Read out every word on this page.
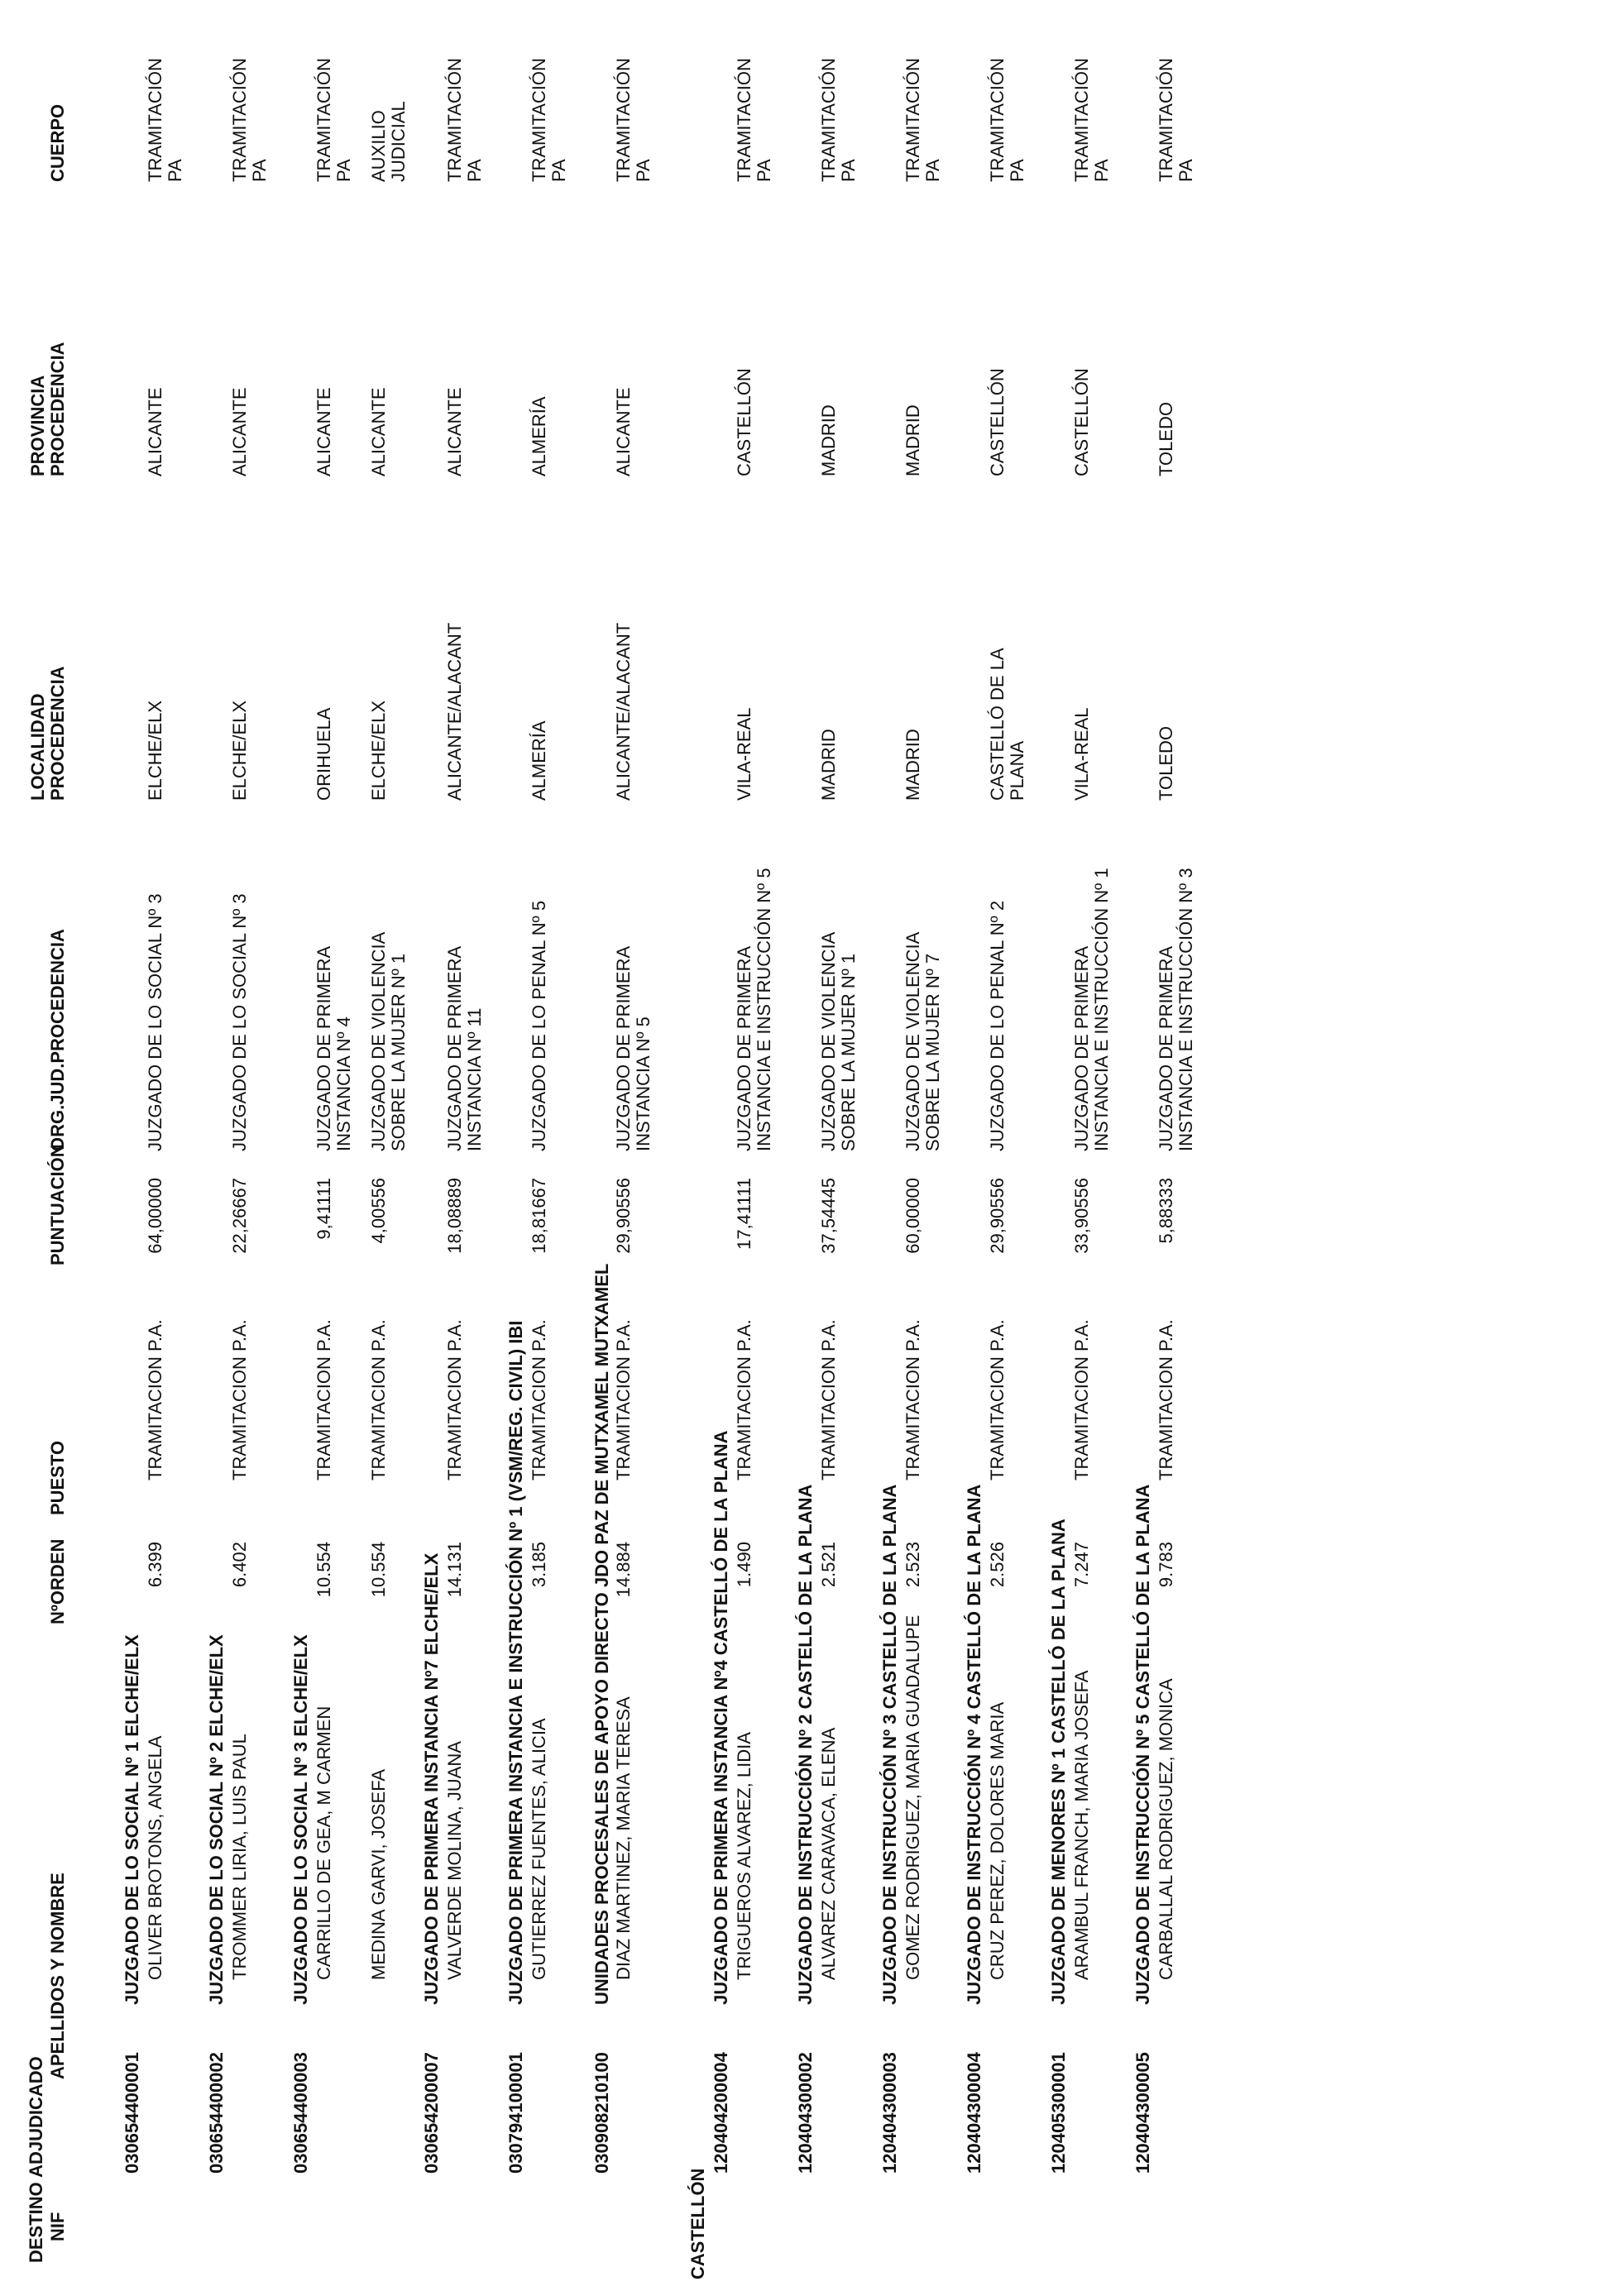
DESTINO ADJUDICADO NIF
APELLIDOS Y NOMBRE
NºORDEN
PUESTO
PUNTUACIÓN
ORG.JUD.PROCEDENCIA
LOCALIDAD PROCEDENCIA
PROVINCIA PROCEDENCIA
CUERPO
CASTELLÓN
030654400001
JUZGADO DE LO SOCIAL Nº 1 ELCHE/ELX
030654400002
JUZGADO DE LO SOCIAL Nº 2 ELCHE/ELX
030654400003
JUZGADO DE LO SOCIAL Nº 3 ELCHE/ELX
030654200007
JUZGADO DE PRIMERA INSTANCIA Nº7 ELCHE/ELX
030794100001
JUZGADO DE PRIMERA INSTANCIA E INSTRUCCIÓN Nº 1 (VSM/REG. CIVIL) IBI
030908210100
UNIDADES PROCESALES DE APOYO DIRECTO JDO PAZ DE MUTXAMEL MUTXAMEL
120404200004
JUZGADO DE PRIMERA INSTANCIA Nº4 CASTELLÓ DE LA PLANA
120404300002
JUZGADO DE INSTRUCCIÓN Nº 2 CASTELLÓ DE LA PLANA
120404300003
JUZGADO DE INSTRUCCIÓN Nº 3 CASTELLÓ DE LA PLANA
120404300004
JUZGADO DE INSTRUCCIÓN Nº 4 CASTELLÓ DE LA PLANA
120405300001
JUZGADO DE MENORES Nº 1 CASTELLÓ DE LA PLANA
120404300005
JUZGADO DE INSTRUCCIÓN Nº 5 CASTELLÓ DE LA PLANA
OLIVER BROTONS, ANGELA
6.399
TRAMITACION P.A.
64,00000
JUZGADO DE LO SOCIAL Nº 3
ELCHE/ELX
ALICANTE
TRAMITACIÓN PA
TROMMER LIRIA, LUIS PAUL
6.402
TRAMITACION P.A.
22,26667
JUZGADO DE LO SOCIAL Nº 3
ELCHE/ELX
ALICANTE
TRAMITACIÓN PA
CARRILLO DE GEA, M CARMEN
10.554
TRAMITACION P.A.
9,41111
JUZGADO DE PRIMERA INSTANCIA Nº 4
ORIHUELA
ALICANTE
TRAMITACIÓN PA
MEDINA GARVI, JOSEFA
10.554
TRAMITACION P.A.
4,00556
JUZGADO DE VIOLENCIA SOBRE LA MUJER Nº 1
ELCHE/ELX
ALICANTE
AUXILIO JUDICIAL
VALVERDE MOLINA, JUANA
14.131
TRAMITACION P.A.
18,08889
JUZGADO DE PRIMERA INSTANCIA Nº 11
ALICANTE/ALACANT
ALICANTE
TRAMITACIÓN PA
GUTIERREZ FUENTES, ALICIA
3.185
TRAMITACION P.A.
18,81667
JUZGADO DE LO PENAL Nº 5
ALMERÍA
ALMERÍA
TRAMITACIÓN PA
DIAZ MARTINEZ, MARIA TERESA
14.884
TRAMITACION P.A.
29,90556
JUZGADO DE PRIMERA INSTANCIA Nº 5
ALICANTE/ALACANT
ALICANTE
TRAMITACIÓN PA
TRIGUEROS ALVAREZ, LIDIA
1.490
TRAMITACION P.A.
17,41111
JUZGADO DE PRIMERA INSTANCIA E INSTRUCCIÓN Nº 5
VILA-REAL
CASTELLÓN
TRAMITACIÓN PA
ALVAREZ CARAVACA, ELENA
2.521
TRAMITACION P.A.
37,54445
JUZGADO DE VIOLENCIA SOBRE LA MUJER Nº 1
MADRID
MADRID
TRAMITACIÓN PA
GOMEZ RODRIGUEZ, MARIA GUADALUPE
2.523
TRAMITACION P.A.
60,00000
JUZGADO DE VIOLENCIA SOBRE LA MUJER Nº 7
MADRID
MADRID
TRAMITACIÓN PA
CRUZ PEREZ, DOLORES MARIA
2.526
TRAMITACION P.A.
29,90556
JUZGADO DE LO PENAL Nº 2
CASTELLÓ DE LA PLANA
CASTELLÓN
TRAMITACIÓN PA
ARAMBUL FRANCH, MARIA JOSEFA
7.247
TRAMITACION P.A.
33,90556
JUZGADO DE PRIMERA INSTANCIA E INSTRUCCIÓN Nº 1
VILA-REAL
CASTELLÓN
TRAMITACIÓN PA
CARBALLAL RODRIGUEZ, MONICA
9.783
TRAMITACION P.A.
5,88333
JUZGADO DE PRIMERA INSTANCIA E INSTRUCCIÓN Nº 3
TOLEDO
TOLEDO
TRAMITACIÓN PA
